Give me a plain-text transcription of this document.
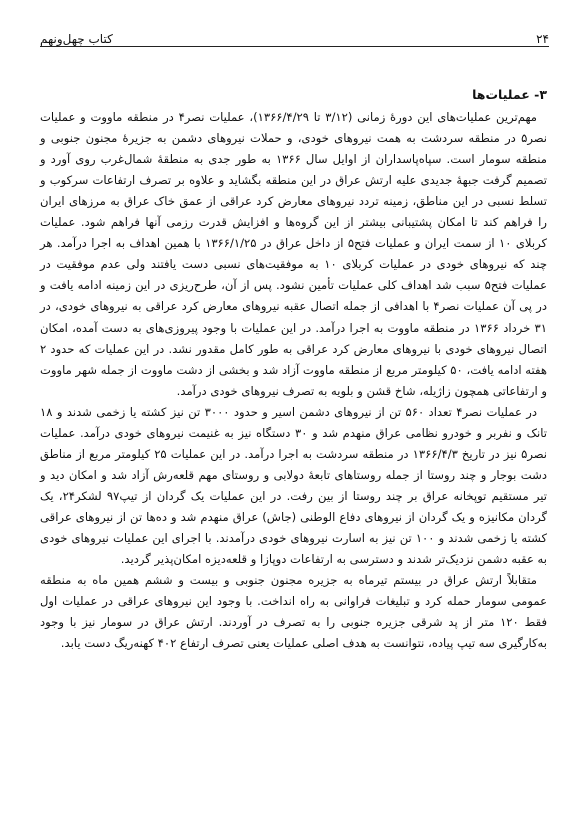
۲۴
کتاب چهل‌ونهم
۳- عملیات‌ها

مهم‌ترین عملیات‌های این دورهٔ زمانی (۳/۱۲ تا ۱۳۶۶/۴/۲۹)، عملیات نصر۴ در منطقه ماووت و عملیات نصر۵ در منطقه سردشت به همت نیروهای خودی، و حملات نیروهای دشمن به جزیرهٔ مجنون جنوبی و منطقه سومار است. سپاه‌پاسداران از اوایل سال ۱۳۶۶ به طور جدی به منطقهٔ شمال‌غرب روی آورد و تصمیم گرفت جبههٔ جدیدی علیه ارتش عراق در این منطقه بگشاید و علاوه بر تصرف ارتفاعات سرکوب و تسلط نسبی در این مناطق، زمینه تردد نیروهای معارض کرد عراقی از عمق خاک عراق به مرزهای ایران را فراهم کند تا امکان پشتیبانی بیشتر از این گروه‌ها و افزایش قدرت رزمی آنها فراهم شود. عملیات کربلای ۱۰ از سمت ایران و عملیات فتح۵ از داخل عراق در ۱۳۶۶/۱/۲۵ با همین اهداف به اجرا درآمد. هر چند که نیروهای خودی در عملیات کربلای ۱۰ به موفقیت‌های نسبی دست یافتند ولی عدم موفقیت در عملیات فتح۵ سبب شد اهداف کلی عملیات تأمین نشود. پس از آن، طرح‌ریزی در این زمینه ادامه یافت و در پی آن عملیات نصر۴ با اهدافی از جمله اتصال عقبه نیروهای معارض کرد عراقی به نیروهای خودی، در ۳۱ خرداد ۱۳۶۶ در منطقه ماووت به اجرا درآمد. در این عملیات با وجود پیروزی‌های به دست آمده، امکان اتصال نیروهای خودی با نیروهای معارض کرد عراقی به طور کامل مقدور نشد. در این عملیات که حدود ۲ هفته ادامه یافت، ۵۰ کیلومتر مربع از منطقه ماووت آزاد شد و بخشی از دشت ماووت از جمله شهر ماووت و ارتفاعاتی همچون زاژیله، شاخ قشن و بلویه به تصرف نیروهای خودی درآمد.

در عملیات نصر۴ تعداد ۵۶۰ تن از نیروهای دشمن اسیر و حدود ۳۰۰۰ تن نیز کشته یا زخمی شدند و ۱۸ تانک و نفربر و خودرو نظامی عراق منهدم شد و ۳۰ دستگاه نیز به غنیمت نیروهای خودی درآمد. عملیات نصر۵ نیز در تاریخ ۱۳۶۶/۴/۳ در منطقه سردشت به اجرا درآمد. در این عملیات ۲۵ کیلومتر مربع از مناطق دشت بوجار و چند روستا از جمله روستاهای تابعهٔ دولابی و روستای مهم قلعه‌رش آزاد شد و امکان دید و تیر مستقیم توپخانه عراق بر چند روستا از بین رفت. در این عملیات یک گردان از تیپ۹۷ لشکر۲۴، یک گردان مکانیزه و یک گردان از نیروهای دفاع الوطنی (جاش) عراق منهدم شد و ده‌ها تن از نیروهای عراقی کشته یا زخمی شدند و ۱۰۰ تن نیز به اسارت نیروهای خودی درآمدند. با اجرای این عملیات نیروهای خودی به عقبه دشمن نزدیک‌تر شدند و دسترسی به ارتفاعات دوپازا و قلعه‌دیزه امکان‌پذیر گردید.

متقابلاً ارتش عراق در بیستم تیرماه به جزیره مجنون جنوبی و بیست و ششم همین ماه به منطقه عمومی سومار حمله کرد و تبلیغات فراوانی به راه انداخت. با وجود این نیروهای عراقی در عملیات اول فقط ۱۲۰ متر از پد شرقی جزیره جنوبی را به تصرف در آوردند. ارتش عراق در سومار نیز با وجود به‌کارگیری سه تیپ پیاده، نتوانست به هدف اصلی عملیات یعنی تصرف ارتفاع ۴۰۲ کهنه‌ریگ دست یابد.
